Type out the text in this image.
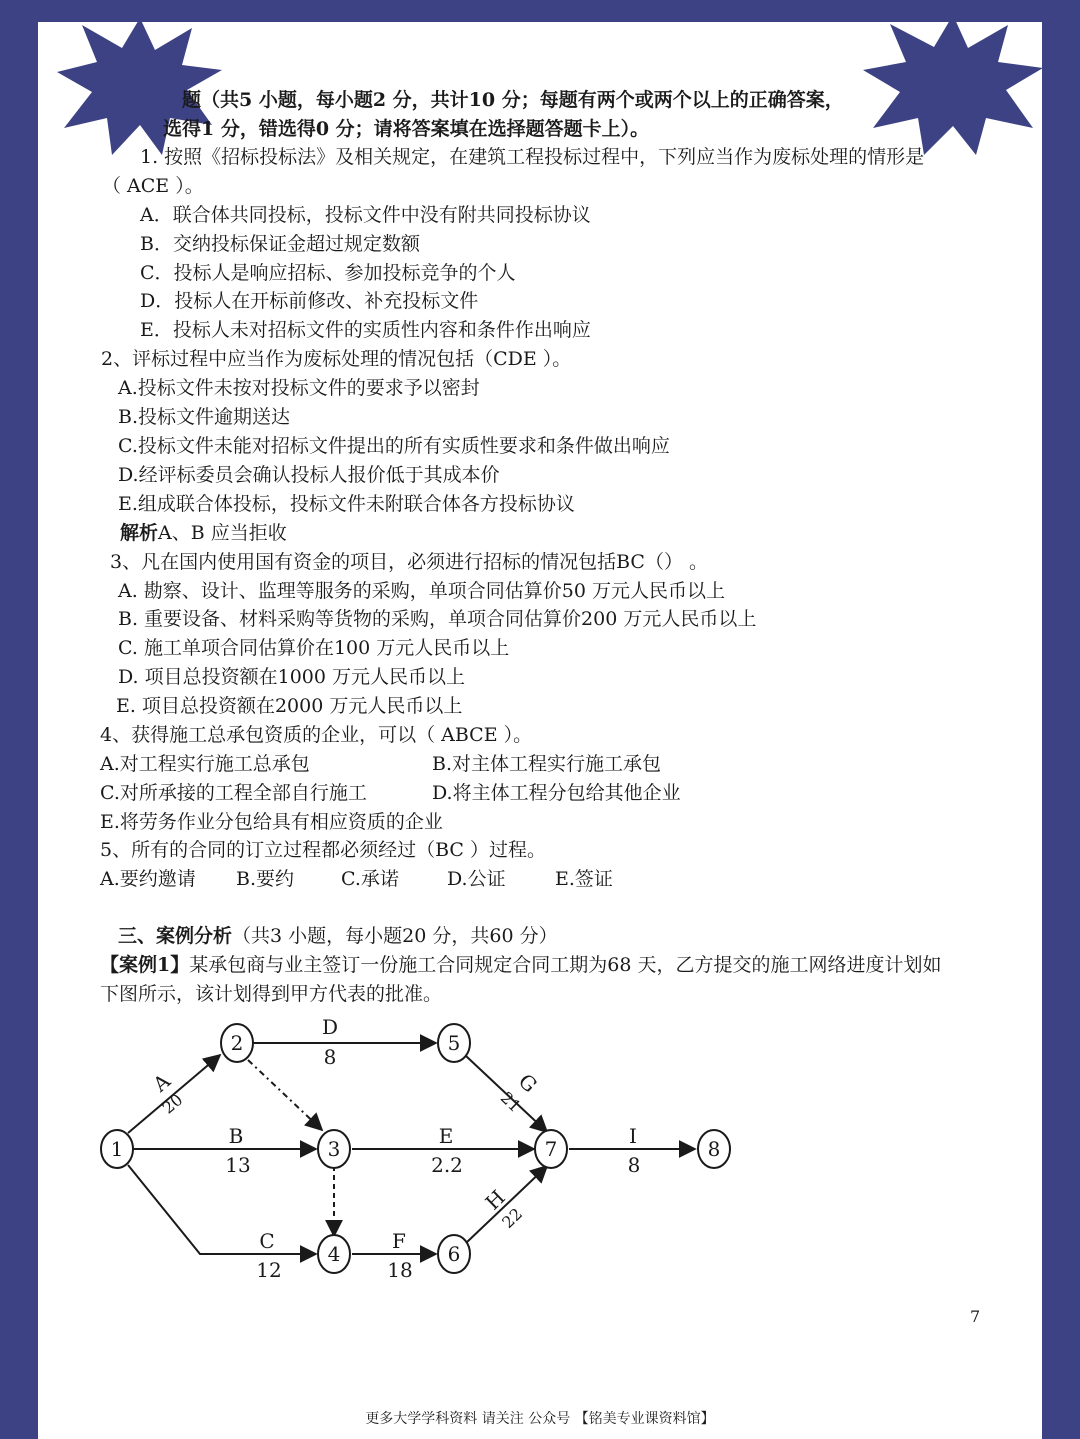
题（共5 小题，每小题2 分，共计10 分；每题有两个或两个以上的正确答案，
选得1 分，错选得0 分；请将答案填在选择题答题卡上）。
1. 按照《招标投标法》及相关规定，在建筑工程投标过程中，下列应当作为废标处理的情形是
（ ACE ）。
A．联合体共同投标，投标文件中没有附共同投标协议
B．交纳投标保证金超过规定数额
C．投标人是响应招标、参加投标竞争的个人
D．投标人在开标前修改、补充投标文件
E．投标人未对招标文件的实质性内容和条件作出响应
2、评标过程中应当作为废标处理的情况包括（CDE ）。
A.投标文件未按对投标文件的要求予以密封
B.投标文件逾期送达
C.投标文件未能对招标文件提出的所有实质性要求和条件做出响应
D.经评标委员会确认投标人报价低于其成本价
E.组成联合体投标，投标文件未附联合体各方投标协议
解析A、B 应当拒收
3、凡在国内使用国有资金的项目，必须进行招标的情况包括BC（） 。
A. 勘察、设计、监理等服务的采购，单项合同估算价50 万元人民币以上
B. 重要设备、材料采购等货物的采购，单项合同估算价200 万元人民币以上
C. 施工单项合同估算价在100 万元人民币以上
D. 项目总投资额在1000 万元人民币以上
E. 项目总投资额在2000 万元人民币以上
4、获得施工总承包资质的企业，可以（ ABCE ）。
A.对工程实行施工总承包	B.对主体工程实行施工承包
C.对所承接的工程全部自行施工	D.将主体工程分包给其他企业
E.将劳务作业分包给具有相应资质的企业
5、所有的合同的订立过程都必须经过（BC ）过程。
A.要约邀请 B.要约 C.承诺	D.公证	E.签证
三、案例分析（共3 小题，每小题20 分，共60 分）
【案例1】某承包商与业主签订一份施工合同规定合同工期为68 天，乙方提交的施工网络进度计划如
下图所示，该计划得到甲方代表的批准。
1
2
3
4
5
6
7	8
A
20
B
13
C
12
D
8
E
2.2
F
18
G
21
H
22
I
8
7
更多大学学科资料 请关注 公众号 【铭美专业课资料馆】
